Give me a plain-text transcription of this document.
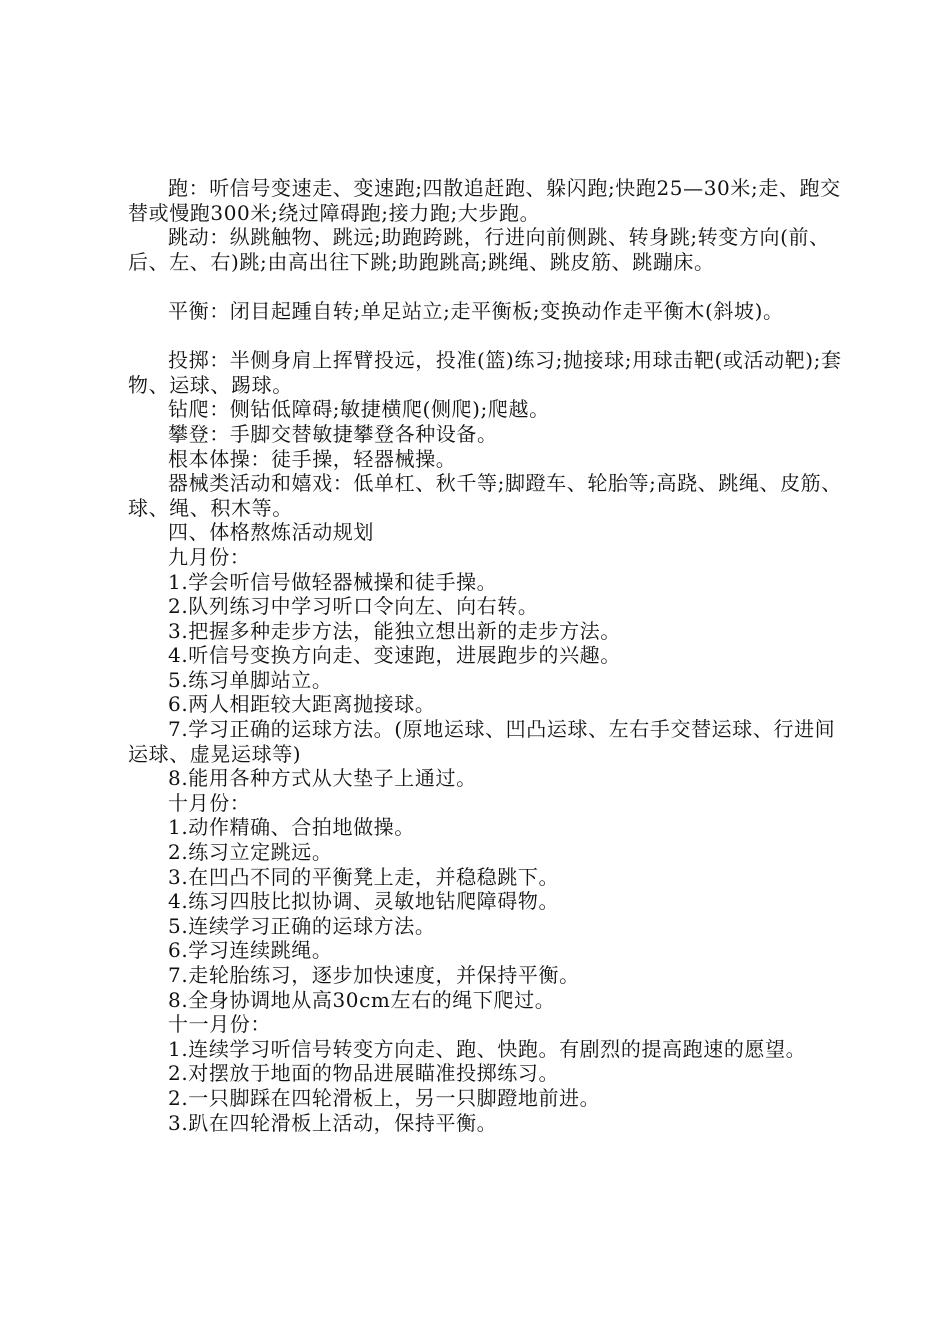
跑：听信号变速走、变速跑;四散追赶跑、躲闪跑;快跑25—30米;走、跑交替或慢跑300米;绕过障碍跑;接力跑;大步跑。

跳动：纵跳触物、跳远;助跑跨跳，行进向前侧跳、转身跳;转变方向(前、后、左、右)跳;由高出往下跳;助跑跳高;跳绳、跳皮筋、跳蹦床。

平衡：闭目起踵自转;单足站立;走平衡板;变换动作走平衡木(斜坡)。

投掷：半侧身肩上挥臂投远，投准(篮)练习;抛接球;用球击靶(或活动靶);套物、运球、踢球。

钻爬：侧钻低障碍;敏捷横爬(侧爬);爬越。

攀登：手脚交替敏捷攀登各种设备。

根本体操：徒手操，轻器械操。

器械类活动和嬉戏：低单杠、秋千等;脚蹬车、轮胎等;高跷、跳绳、皮筋、球、绳、积木等。

四、体格熬炼活动规划

九月份：

1.学会听信号做轻器械操和徒手操。

2.队列练习中学习听口令向左、向右转。

3.把握多种走步方法，能独立想出新的走步方法。

4.听信号变换方向走、变速跑，进展跑步的兴趣。

5.练习单脚站立。

6.两人相距较大距离抛接球。

7.学习正确的运球方法。(原地运球、凹凸运球、左右手交替运球、行进间运球、虚晃运球等)

8.能用各种方式从大垫子上通过。

十月份：

1.动作精确、合拍地做操。

2.练习立定跳远。

3.在凹凸不同的平衡凳上走，并稳稳跳下。

4.练习四肢比拟协调、灵敏地钻爬障碍物。

5.连续学习正确的运球方法。

6.学习连续跳绳。

7.走轮胎练习，逐步加快速度，并保持平衡。

8.全身协调地从高30cm左右的绳下爬过。

十一月份：

1.连续学习听信号转变方向走、跑、快跑。有剧烈的提高跑速的愿望。

2.对摆放于地面的物品进展瞄准投掷练习。

2.一只脚踩在四轮滑板上，另一只脚蹬地前进。

3.趴在四轮滑板上活动，保持平衡。
